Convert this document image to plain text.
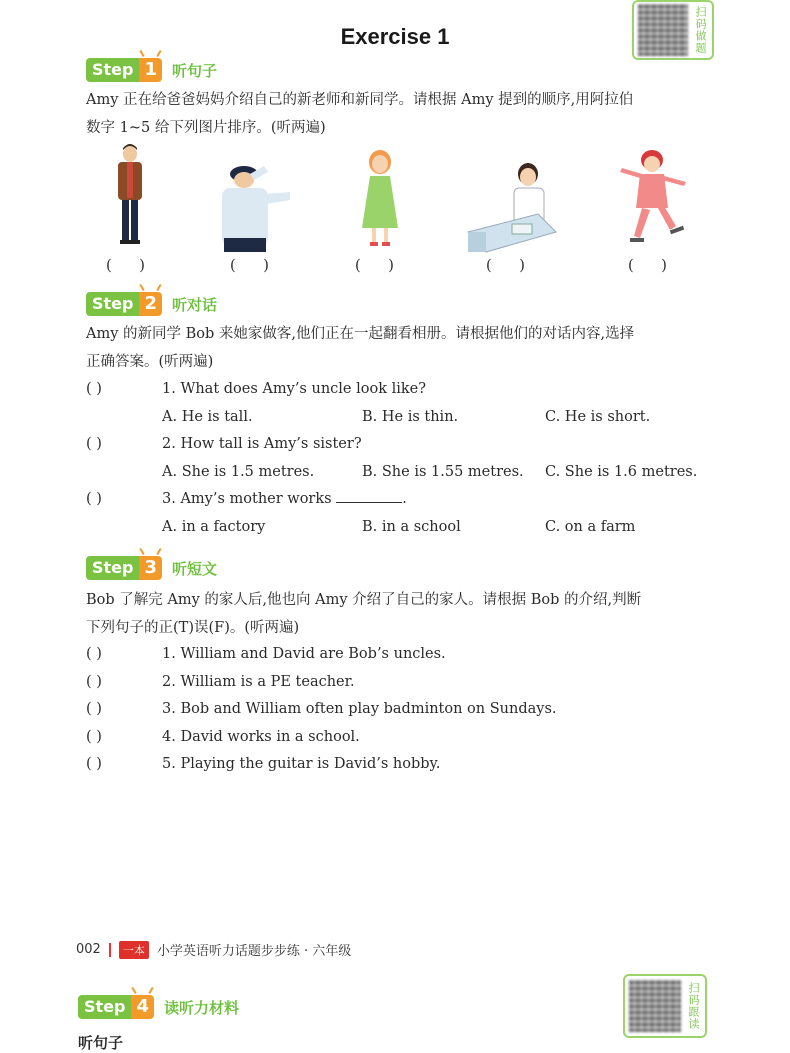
Exercise 1	扫码做题
Step 1	听句子
Amy 正在给爸爸妈妈介绍自己的新老师和新同学。请根据 Amy 提到的顺序,用阿拉伯
数字 1~5 给下列图片排序。(听两遍)
(      )	(      )	(      )	(      )	(      )
Step 2	听对话
Amy 的新同学 Bob 来她家做客,他们正在一起翻看相册。请根据他们的对话内容,选择
正确答案。(听两遍)
( )	1. What does Amy’s uncle look like?
A. He is tall.	B. He is thin.	C. He is short.
( )	2. How tall is Amy’s sister?
A. She is 1.5 metres.	B. She is 1.55 metres. C. She is 1.6 metres.
( )	3. Amy’s mother works	.
A. in a factory	B. in a school	C. on a farm
Step 3	听短文
Bob 了解完 Amy 的家人后,他也向 Amy 介绍了自己的家人。请根据 Bob 的介绍,判断
下列句子的正(T)误(F)。(听两遍)
( )	1. William and David are Bob’s uncles.
( )	2. William is a PE teacher.
( )	3. Bob and William often play badminton on Sundays.
( )	4. David works in a school.
( )	5. Playing the guitar is David’s hobby.
002	一本 小学英语听力话题步步练 · 六年级
Step 4	读听力材料
听句子
扫码跟读
